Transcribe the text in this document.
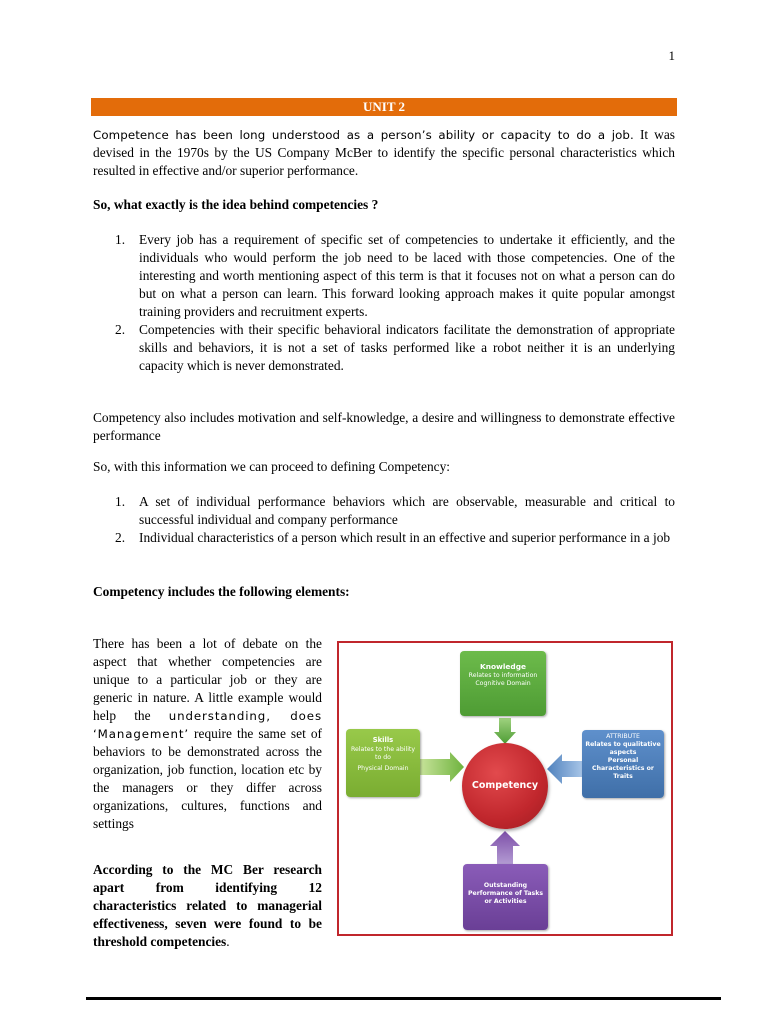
1
UNIT 2

Competence has been long understood as a person’s ability or capacity to do a job. It was devised in the 1970s by the US Company McBer to identify the specific personal characteristics which resulted in effective and/or superior performance.

So, what exactly is the idea behind competencies ?

1. Every job has a requirement of specific set of competencies to undertake it efficiently, and the individuals who would perform the job need to be laced with those competencies. One of the interesting and worth mentioning aspect of this term is that it focuses not on what a person can do but on what a person can learn. This forward looking approach makes it quite popular amongst training providers and recruitment experts.
2. Competencies with their specific behavioral indicators facilitate the demonstration of appropriate skills and behaviors, it is not a set of tasks performed like a robot neither it is an underlying capacity which is never demonstrated.

Competency also includes motivation and self-knowledge, a desire and willingness to demonstrate effective performance

So, with this information we can proceed to defining Competency:

1. A set of individual performance behaviors which are observable, measurable and critical to successful individual and company performance
2. Individual characteristics of a person which result in an effective and superior performance in a job

Competency includes the following elements:

There has been a lot of debate on the aspect that whether competencies are unique to a particular job or they are generic in nature. A little example would help the understanding, does ‘Management’ require the same set of behaviors to be demonstrated across the organization, job function, location etc by the managers or they differ across organizations, cultures, functions and settings

According to the MC Ber research apart from identifying 12 characteristics related to managerial effectiveness, seven were found to be threshold competencies.

Knowledge
Relates to information
Cognitive Domain
Skills
Relates to the ability
to do
Physical Domain
ATTRIBUTE
Relates to qualitative
aspects
Personal
Characteristics or
Traits
Competency
Outstanding
Performance of Tasks
or Activities
